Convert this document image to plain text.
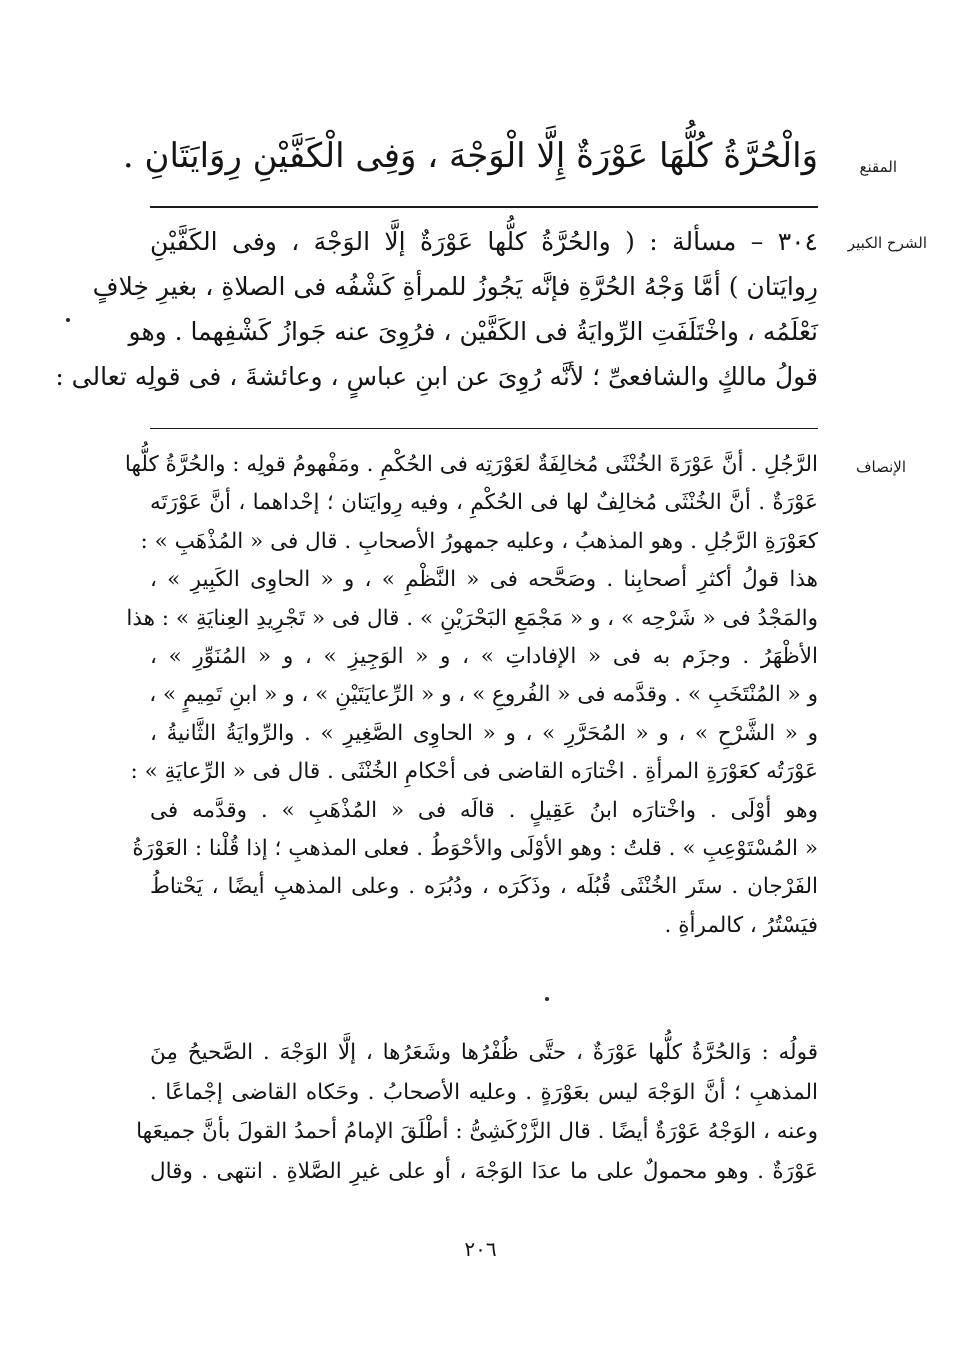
المقنع
الشرح الكبير
الإنصاف
وَالْحُرَّةُ كُلُّهَا عَوْرَةٌ إِلَّا الْوَجْهَ ، وَفِى الْكَفَّيْنِ رِوَايَتَانِ .
٣٠٤ – مسألة : ( والحُرَّةُ كلُّها عَوْرَةٌ إلَّا الوَجْهَ ، وفى الكَفَّيْنِ
رِوايَتان ) أمَّا وَجْهُ الحُرَّةِ فإنَّه يَجُوزُ للمرأةِ كَشْفُه فى الصلاةِ ، بغيرِ خِلافٍ
نَعْلَمُه ، واخْتَلَفَتِ الرِّوايَةُ فى الكَفَّيْن ، فرُوِىَ عنه جَوازُ كَشْفِهما . وهو
قولُ مالكٍ والشافعىِّ ؛ لأنَّه رُوِىَ عن ابنِ عباسٍ ، وعائشةَ ، فى قولِه تعالى :
الرَّجُلِ . أنَّ عَوْرَةَ الخُنْثَى مُخالِفَةٌ لعَوْرَتِه فى الحُكْمِ . ومَفْهومُ قولِه : والحُرَّةُ كلُّها
عَوْرَةٌ . أنَّ الخُنْثَى مُخالِفٌ لها فى الحُكْمِ ، وفيه رِوايَتان ؛ إحْداهما ، أنَّ عَوْرَتَه
كعَوْرَةِ الرَّجُلِ . وهو المذهبُ ، وعليه جمهورُ الأصحابِ . قال فى « المُذْهَبِ » :
هذا قولُ أكثرِ أصحابِنا . وصَحَّحه فى « النَّظْمِ » ، و « الحاوِى الكَبِيرِ » ،
والمَجْدُ فى « شَرْحِه » ، و « مَجْمَعِ البَحْرَيْنِ » . قال فى « تَجْرِيدِ العِنايَةِ » : هذا
الأظْهَرُ . وجزَم به فى « الإفاداتِ » ، و « الوَجِيزِ » ، و « المُنَوِّرِ » ،
و « المُنْتَخَبِ » . وقدَّمه فى « الفُروعِ » ، و « الرِّعايَتَيْنِ » ، و « ابنِ تَمِيمٍ » ،
و « الشَّرْحِ » ، و « المُحَرَّرِ » ، و « الحاوِى الصَّغِيرِ » . والرِّوايَةُ الثَّانيةُ ،
عَوْرَتُه كعَوْرَةِ المرأةِ . اخْتارَه القاضى فى أحْكامِ الخُنْثَى . قال فى « الرِّعايَةِ » :
وهو أوْلَى . واخْتارَه ابنُ عَقِيلٍ . قالَه فى « المُذْهَبِ » . وقدَّمه فى
« المُسْتَوْعِبِ » . قلتُ : وهو الأوْلَى والأحْوَطُ . فعلى المذهبِ ؛ إذا قُلْنا : العَوْرَةُ
الفَرْجان . ستَر الخُنْثَى قُبُلَه ، وذَكَرَه ، ودُبُرَه . وعلى المذهبِ أيضًا ، يَحْتاطُ
فيَسْتُرُ ، كالمرأةِ .
قولُه : وَالحُرَّةُ كلُّها عَوْرَةٌ ، حتَّى ظُفْرُها وشَعَرُها ، إلَّا الوَجْهَ . الصَّحيحُ مِنَ
المذهبِ ؛ أنَّ الوَجْهَ ليس بعَوْرَةٍ . وعليه الأصحابُ . وحَكاه القاضى إجْماعًا .
وعنه ، الوَجْهُ عَوْرَةٌ أيضًا . قال الزَّرْكَشِىُّ : أطْلَقَ الإمامُ أحمدُ القولَ بأنَّ جميعَها
عَوْرَةٌ . وهو محمولٌ على ما عدَا الوَجْهَ ، أو على غيرِ الصَّلاةِ . انتهى . وقال
٢٠٦
